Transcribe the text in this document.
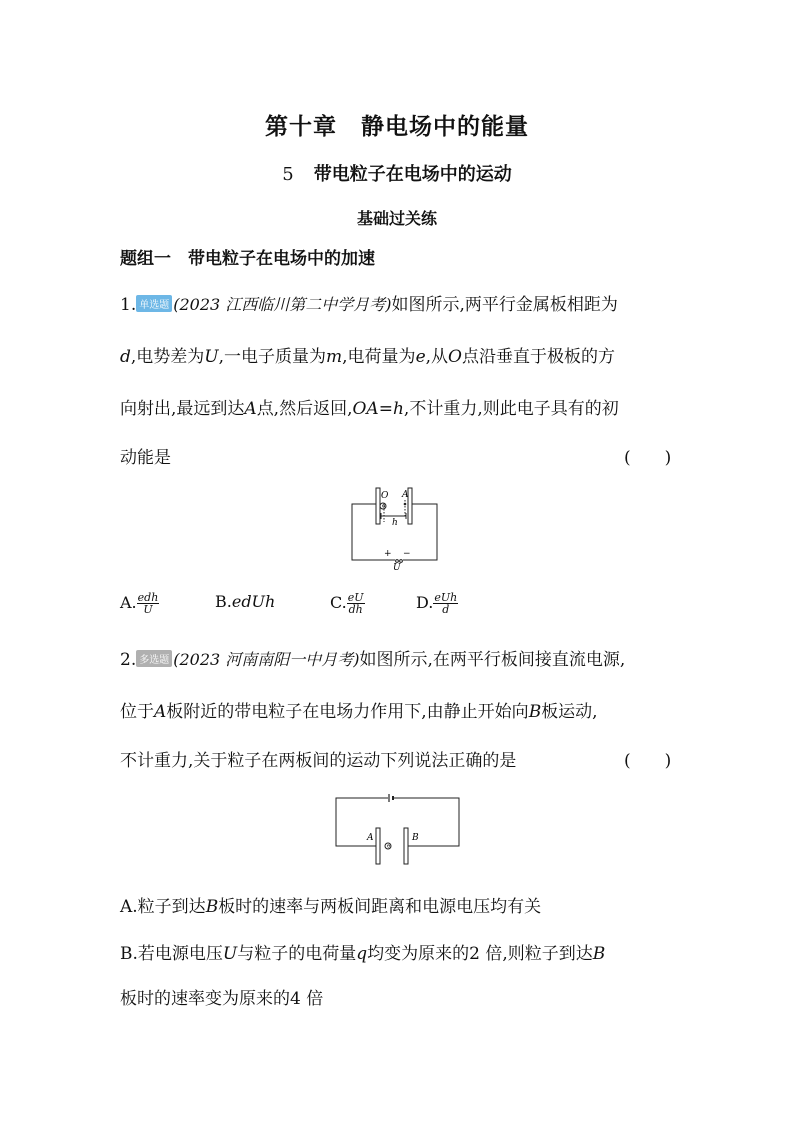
第十章　静电场中的能量
5 带电粒子在电场中的运动
基础过关练
题组一　带电粒子在电场中的加速
1. 单选题 (2023 江西临川第二中学月考)如图所示,两平行金属板相距为
d,电势差为U,一电子质量为m,电荷量为e,从O点沿垂直于极板的方
向射出,最远到达A点,然后返回,OA=h,不计重力,则此电子具有的初
动能是	(　　)
⊖
O A
h
+ −
U
A. $\frac{\text{edh}}{U}$	B.edUh	C. $\frac{eU}{dh}$	D. $\frac{\text{eUh}}{d}$
2. 多选题 (2023 河南南阳一中月考)如图所示,在两平行板间接直流电源,
位于A板附近的带电粒子在电场力作用下,由静止开始向B板运动,
不计重力,关于粒子在两板间的运动下列说法正确的是	(　　)
⊖
A	B
A.粒子到达B板时的速率与两板间距离和电源电压均有关
B.若电源电压U与粒子的电荷量q均变为原来的2 倍,则粒子到达B
板时的速率变为原来的4 倍
